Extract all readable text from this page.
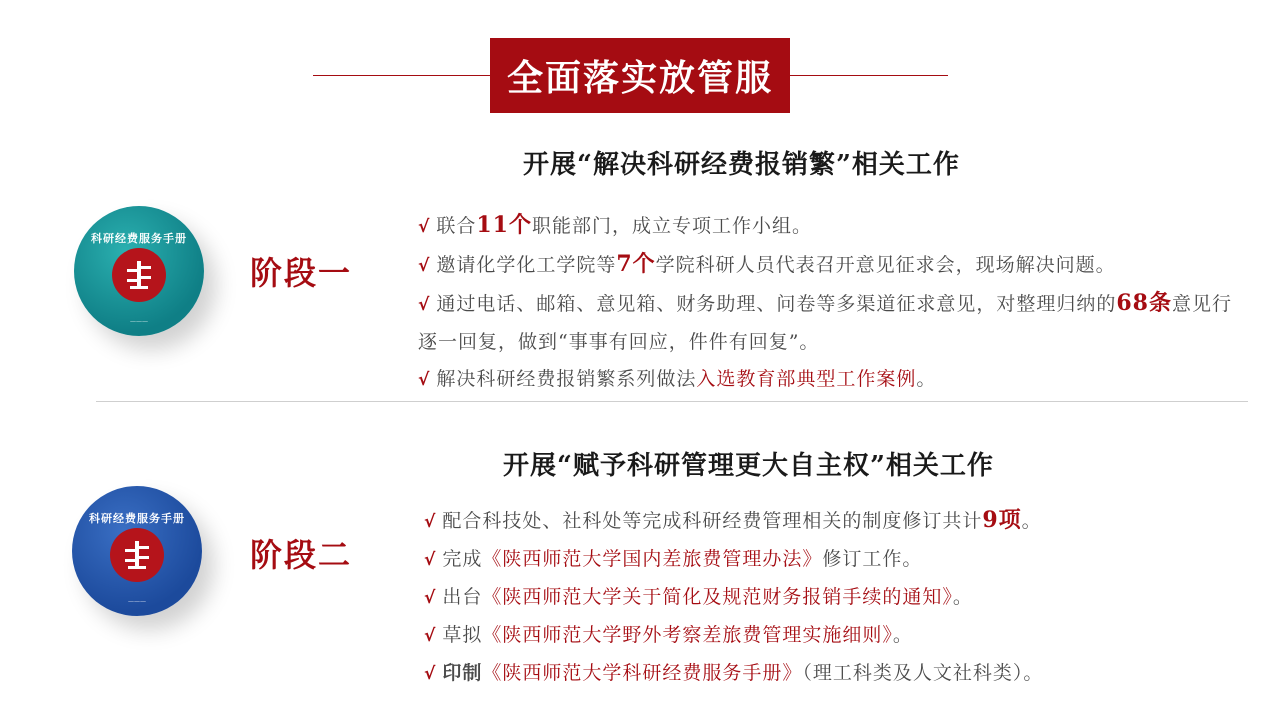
全面落实放管服
开展“解决科研经费报销繁”相关工作
科研经费服务手册
———
阶段一
√ 联合11个职能部门，成立专项工作小组。
√ 邀请化学化工学院等7个学院科研人员代表召开意见征求会，现场解决问题。
√ 通过电话、邮箱、意见箱、财务助理、问卷等多渠道征求意见，对整理归纳的68条意见行逐一回复，做到“事事有回应，件件有回复”。
√ 解决科研经费报销繁系列做法入选教育部典型工作案例。
开展“赋予科研管理更大自主权”相关工作
科研经费服务手册
———
阶段二
√ 配合科技处、社科处等完成科研经费管理相关的制度修订共计9项。
√ 完成《陕西师范大学国内差旅费管理办法》修订工作。
√ 出台《陕西师范大学关于简化及规范财务报销手续的通知》。
√ 草拟《陕西师范大学野外考察差旅费管理实施细则》。
√ 印制《陕西师范大学科研经费服务手册》（理工科类及人文社科类）。
